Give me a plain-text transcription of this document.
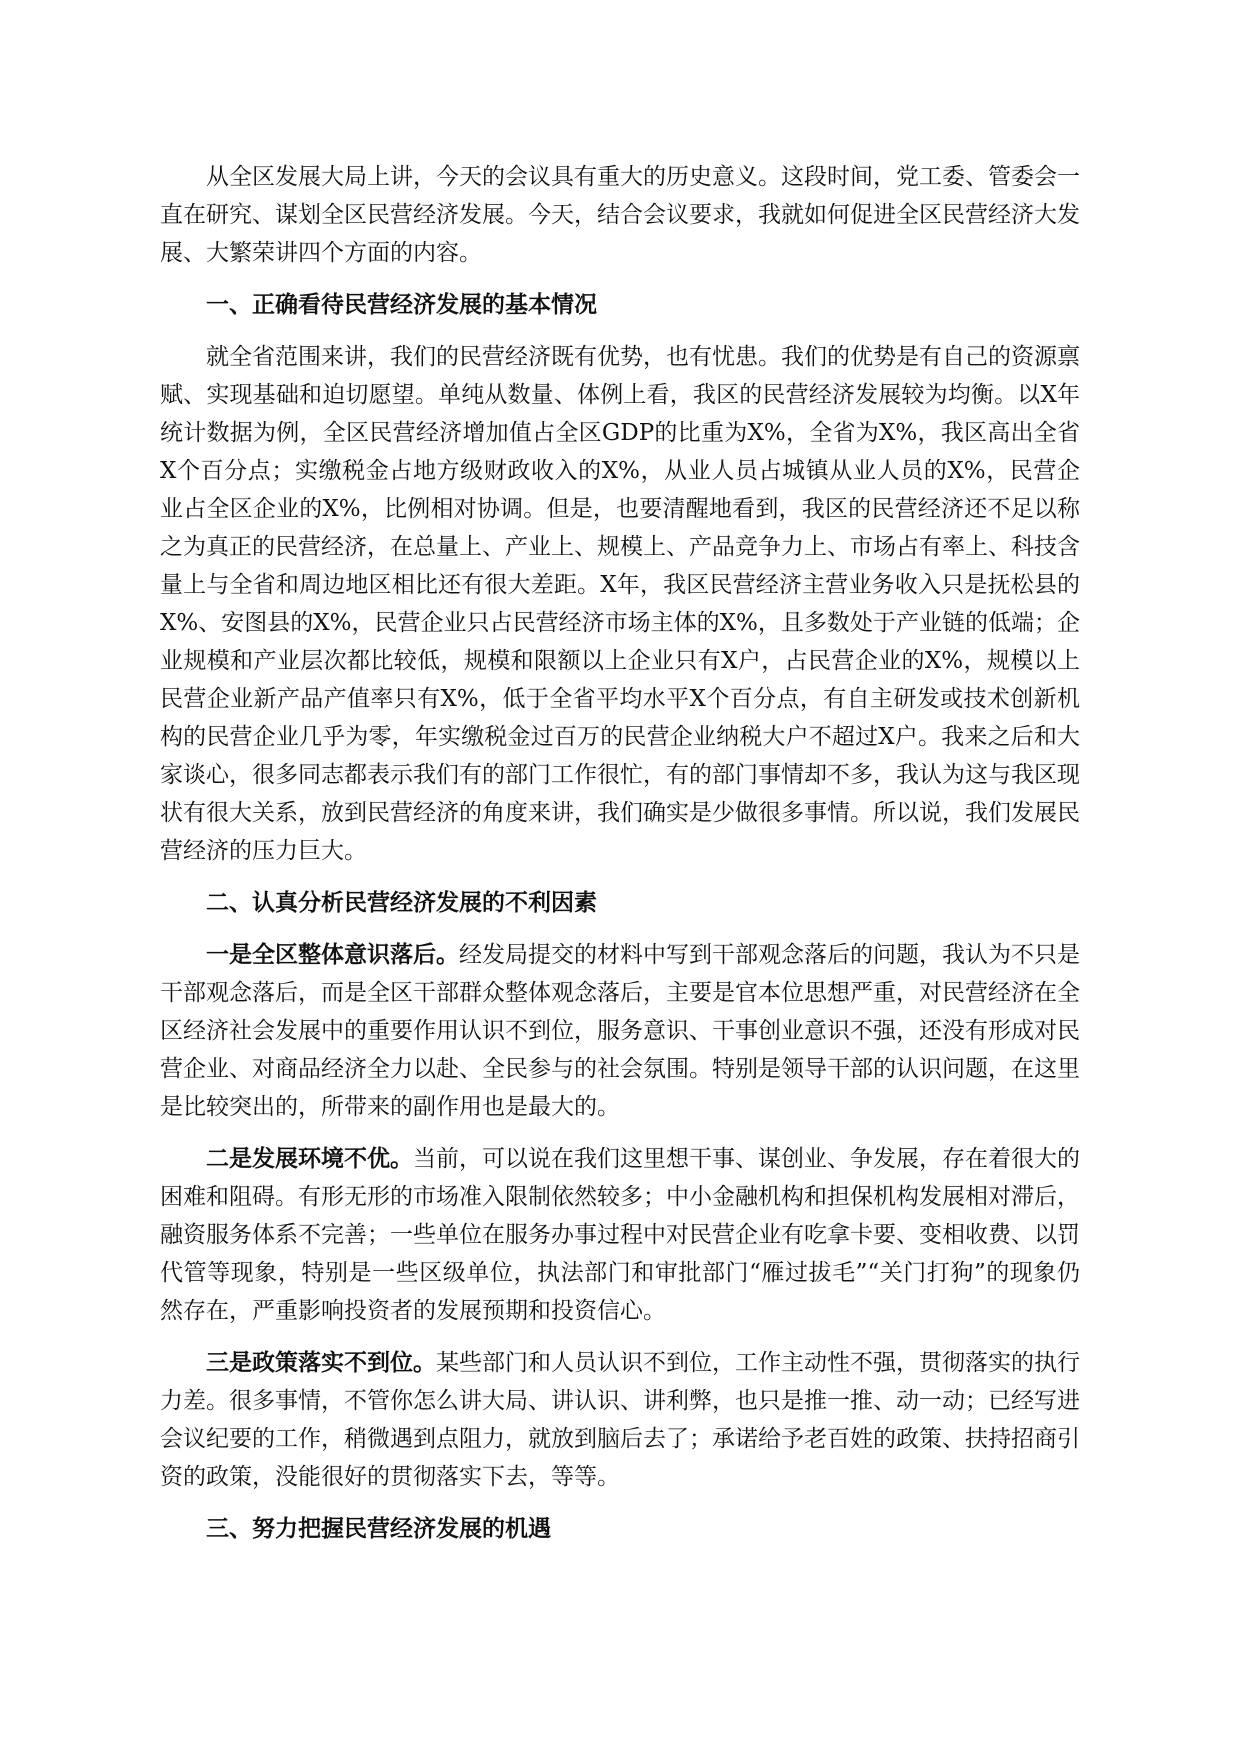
从全区发展大局上讲，今天的会议具有重大的历史意义。这段时间，党工委、管委会一直在研究、谋划全区民营经济发展。今天，结合会议要求，我就如何促进全区民营经济大发展、大繁荣讲四个方面的内容。

一、正确看待民营经济发展的基本情况

就全省范围来讲，我们的民营经济既有优势，也有忧患。我们的优势是有自己的资源禀赋、实现基础和迫切愿望。单纯从数量、体例上看，我区的民营经济发展较为均衡。以X年统计数据为例，全区民营经济增加值占全区GDP的比重为X%，全省为X%，我区高出全省X个百分点；实缴税金占地方级财政收入的X%，从业人员占城镇从业人员的X%，民营企业占全区企业的X%，比例相对协调。但是，也要清醒地看到，我区的民营经济还不足以称之为真正的民营经济，在总量上、产业上、规模上、产品竞争力上、市场占有率上、科技含量上与全省和周边地区相比还有很大差距。X年，我区民营经济主营业务收入只是抚松县的X%、安图县的X%，民营企业只占民营经济市场主体的X%，且多数处于产业链的低端；企业规模和产业层次都比较低，规模和限额以上企业只有X户，占民营企业的X%，规模以上民营企业新产品产值率只有X%，低于全省平均水平X个百分点，有自主研发或技术创新机构的民营企业几乎为零，年实缴税金过百万的民营企业纳税大户不超过X户。我来之后和大家谈心，很多同志都表示我们有的部门工作很忙，有的部门事情却不多，我认为这与我区现状有很大关系，放到民营经济的角度来讲，我们确实是少做很多事情。所以说，我们发展民营经济的压力巨大。

二、认真分析民营经济发展的不利因素

一是全区整体意识落后。经发局提交的材料中写到干部观念落后的问题，我认为不只是干部观念落后，而是全区干部群众整体观念落后，主要是官本位思想严重，对民营经济在全区经济社会发展中的重要作用认识不到位，服务意识、干事创业意识不强，还没有形成对民营企业、对商品经济全力以赴、全民参与的社会氛围。特别是领导干部的认识问题，在这里是比较突出的，所带来的副作用也是最大的。

二是发展环境不优。当前，可以说在我们这里想干事、谋创业、争发展，存在着很大的困难和阻碍。有形无形的市场准入限制依然较多；中小金融机构和担保机构发展相对滞后，融资服务体系不完善；一些单位在服务办事过程中对民营企业有吃拿卡要、变相收费、以罚代管等现象，特别是一些区级单位，执法部门和审批部门“雁过拔毛”“关门打狗”的现象仍然存在，严重影响投资者的发展预期和投资信心。

三是政策落实不到位。某些部门和人员认识不到位，工作主动性不强，贯彻落实的执行力差。很多事情，不管你怎么讲大局、讲认识、讲利弊，也只是推一推、动一动；已经写进会议纪要的工作，稍微遇到点阻力，就放到脑后去了；承诺给予老百姓的政策、扶持招商引资的政策，没能很好的贯彻落实下去，等等。

三、努力把握民营经济发展的机遇
